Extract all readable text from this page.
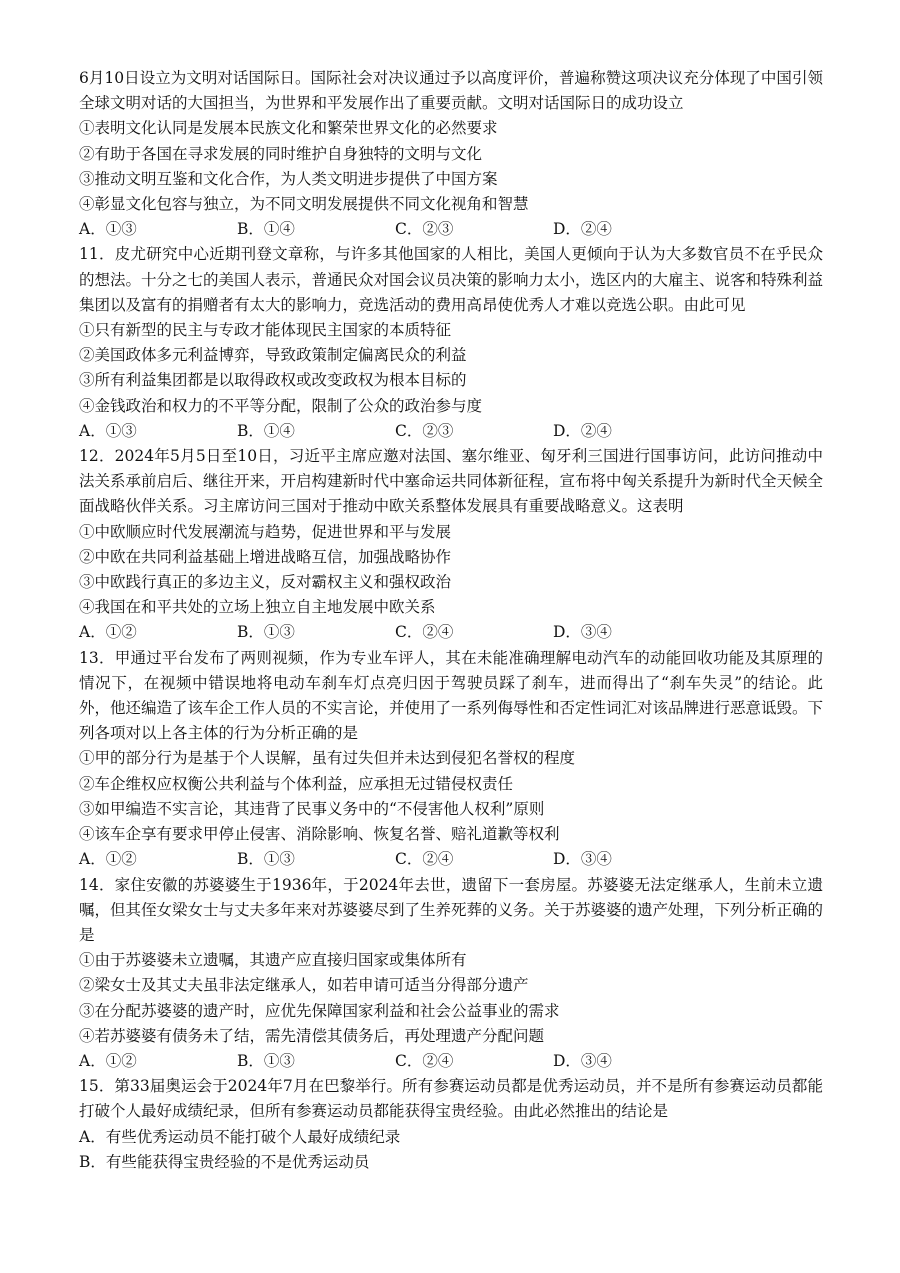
6月10日设立为文明对话国际日。国际社会对决议通过予以高度评价，普遍称赞这项决议充分体现了中国引领全球文明对话的大国担当，为世界和平发展作出了重要贡献。文明对话国际日的成功设立

①表明文化认同是发展本民族文化和繁荣世界文化的必然要求

②有助于各国在寻求发展的同时维护自身独特的文明与文化

③推动文明互鉴和文化合作，为人类文明进步提供了中国方案

④彰显文化包容与独立，为不同文明发展提供不同文化视角和智慧

A．①③	B．①④	C．②③	D．②④

11．皮尤研究中心近期刊登文章称，与许多其他国家的人相比，美国人更倾向于认为大多数官员不在乎民众的想法。十分之七的美国人表示，普通民众对国会议员决策的影响力太小，选区内的大雇主、说客和特殊利益集团以及富有的捐赠者有太大的影响力，竞选活动的费用高昂使优秀人才难以竞选公职。由此可见

①只有新型的民主与专政才能体现民主国家的本质特征

②美国政体多元利益博弈，导致政策制定偏离民众的利益

③所有利益集团都是以取得政权或改变政权为根本目标的

④金钱政治和权力的不平等分配，限制了公众的政治参与度

A．①③	B．①④	C．②③	D．②④

12．2024年5月5日至10日，习近平主席应邀对法国、塞尔维亚、匈牙利三国进行国事访问，此访问推动中法关系承前启后、继往开来，开启构建新时代中塞命运共同体新征程，宣布将中匈关系提升为新时代全天候全面战略伙伴关系。习主席访问三国对于推动中欧关系整体发展具有重要战略意义。这表明

①中欧顺应时代发展潮流与趋势，促进世界和平与发展

②中欧在共同利益基础上增进战略互信，加强战略协作

③中欧践行真正的多边主义，反对霸权主义和强权政治

④我国在和平共处的立场上独立自主地发展中欧关系

A．①②	B．①③	C．②④	D．③④

13．甲通过平台发布了两则视频，作为专业车评人，其在未能准确理解电动汽车的动能回收功能及其原理的情况下，在视频中错误地将电动车刹车灯点亮归因于驾驶员踩了刹车，进而得出了“刹车失灵”的结论。此外，他还编造了该车企工作人员的不实言论，并使用了一系列侮辱性和否定性词汇对该品牌进行恶意诋毁。下列各项对以上各主体的行为分析正确的是

①甲的部分行为是基于个人误解，虽有过失但并未达到侵犯名誉权的程度

②车企维权应权衡公共利益与个体利益，应承担无过错侵权责任

③如甲编造不实言论，其违背了民事义务中的“不侵害他人权利”原则

④该车企享有要求甲停止侵害、消除影响、恢复名誉、赔礼道歉等权利

A．①②	B．①③	C．②④	D．③④

14．家住安徽的苏婆婆生于1936年，于2024年去世，遗留下一套房屋。苏婆婆无法定继承人，生前未立遗嘱，但其侄女梁女士与丈夫多年来对苏婆婆尽到了生养死葬的义务。关于苏婆婆的遗产处理，下列分析正确的是

①由于苏婆婆未立遗嘱，其遗产应直接归国家或集体所有

②梁女士及其丈夫虽非法定继承人，如若申请可适当分得部分遗产

③在分配苏婆婆的遗产时，应优先保障国家利益和社会公益事业的需求

④若苏婆婆有债务未了结，需先清偿其债务后，再处理遗产分配问题

A．①②	B．①③	C．②④	D．③④

15．第33届奥运会于2024年7月在巴黎举行。所有参赛运动员都是优秀运动员，并不是所有参赛运动员都能打破个人最好成绩纪录，但所有参赛运动员都能获得宝贵经验。由此必然推出的结论是

A．有些优秀运动员不能打破个人最好成绩纪录

B．有些能获得宝贵经验的不是优秀运动员
